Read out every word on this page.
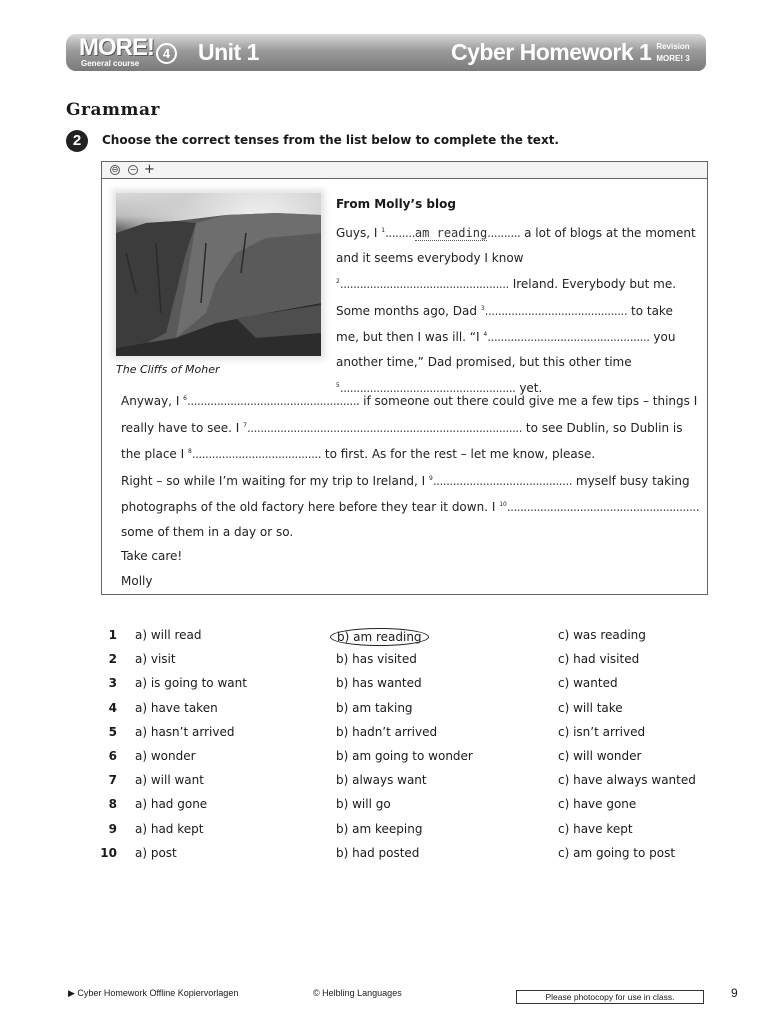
MORE! 4
General course	Unit 1	Cyber Homework 1 Revision
MORE! 3
Grammar
2	Choose the correct tenses from the list below to complete the text.
⊖ − +
The Cliffs of Moher
From Molly’s blog
Guys, I $^1$.........am reading.......... a lot of blogs at the moment and it seems everybody I know $^2$................................................... Ireland. Everybody but me. Some months ago, Dad $^3$........................................... to take me, but then I was ill. “I $^4$................................................. you another time,” Dad promised, but this other time $^5$..................................................... yet.
Anyway, I $^6$.................................................... if someone out there could give me a few tips – things I really have to see. I $^7$................................................................................... to see Dublin, so Dublin is the place I $^8$....................................... to first. As for the rest – let me know, please.
Right – so while I’m waiting for my trip to Ireland, I $^9$.......................................... myself busy taking photographs of the old factory here before they tear it down. I $^{10}$..........................................................
some of them in a day or so.
Take care!
Molly
1 a) will read	b) am reading	c) was reading
2 a) visit	b) has visited	c) had visited
3 a) is going to want	b) has wanted	c) wanted
4 a) have taken	b) am taking	c) will take
5 a) hasn’t arrived	b) hadn’t arrived	c) isn’t arrived
6 a) wonder	b) am going to wonder	c) will wonder
7 a) will want	b) always want	c) have always wanted
8 a) had gone	b) will go	c) have gone
9 a) had kept	b) am keeping	c) have kept
10 a) post	b) had posted	c) am going to post
▶ Cyber Homework Offline Kopiervorlagen	© Helbling Languages	Please photocopy for use in class.	9
